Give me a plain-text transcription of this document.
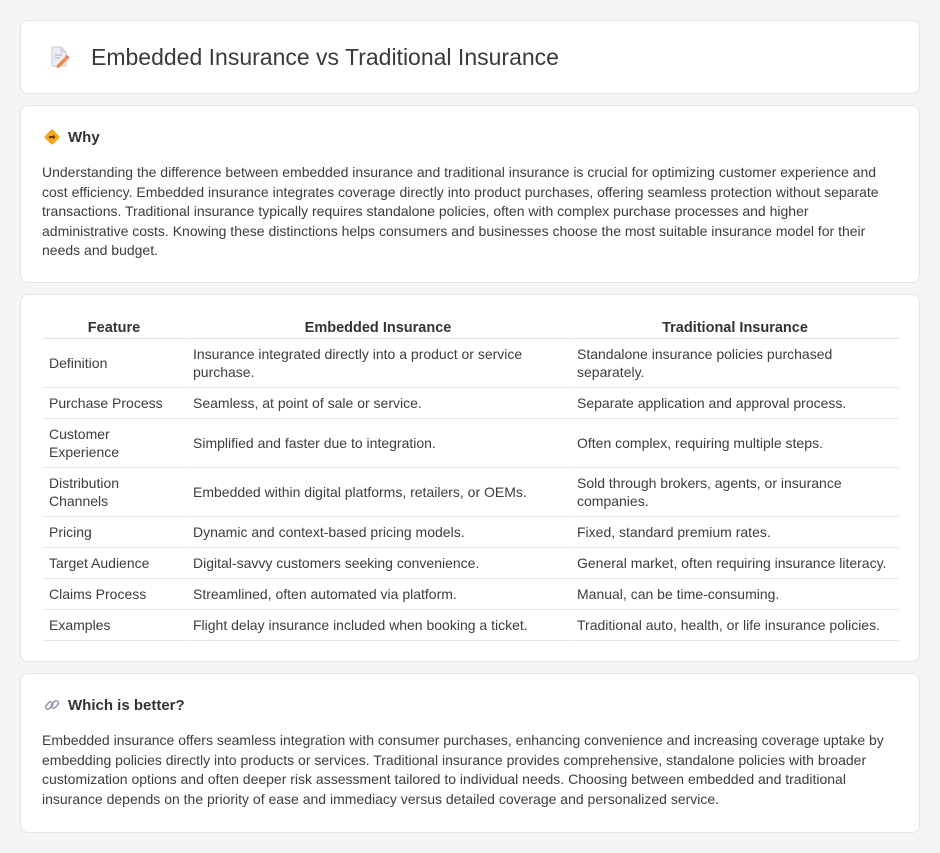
Embedded Insurance vs Traditional Insurance
Why

Understanding the difference between embedded insurance and traditional insurance is crucial for optimizing customer experience and cost efficiency. Embedded insurance integrates coverage directly into product purchases, offering seamless protection without separate transactions. Traditional insurance typically requires standalone policies, often with complex purchase processes and higher administrative costs. Knowing these distinctions helps consumers and businesses choose the most suitable insurance model for their needs and budget.

Feature	Embedded Insurance	Traditional Insurance
Definition	Insurance integrated directly into a product or service purchase.	Standalone insurance policies purchased separately.
Purchase Process	Seamless, at point of sale or service.	Separate application and approval process.
Customer Experience	Simplified and faster due to integration.	Often complex, requiring multiple steps.
Distribution Channels	Embedded within digital platforms, retailers, or OEMs.	Sold through brokers, agents, or insurance companies.
Pricing	Dynamic and context-based pricing models.	Fixed, standard premium rates.
Target Audience	Digital-savvy customers seeking convenience.	General market, often requiring insurance literacy.
Claims Process	Streamlined, often automated via platform.	Manual, can be time-consuming.
Examples	Flight delay insurance included when booking a ticket.	Traditional auto, health, or life insurance policies.
Which is better?

Embedded insurance offers seamless integration with consumer purchases, enhancing convenience and increasing coverage uptake by embedding policies directly into products or services. Traditional insurance provides comprehensive, standalone policies with broader customization options and often deeper risk assessment tailored to individual needs. Choosing between embedded and traditional insurance depends on the priority of ease and immediacy versus detailed coverage and personalized service.
